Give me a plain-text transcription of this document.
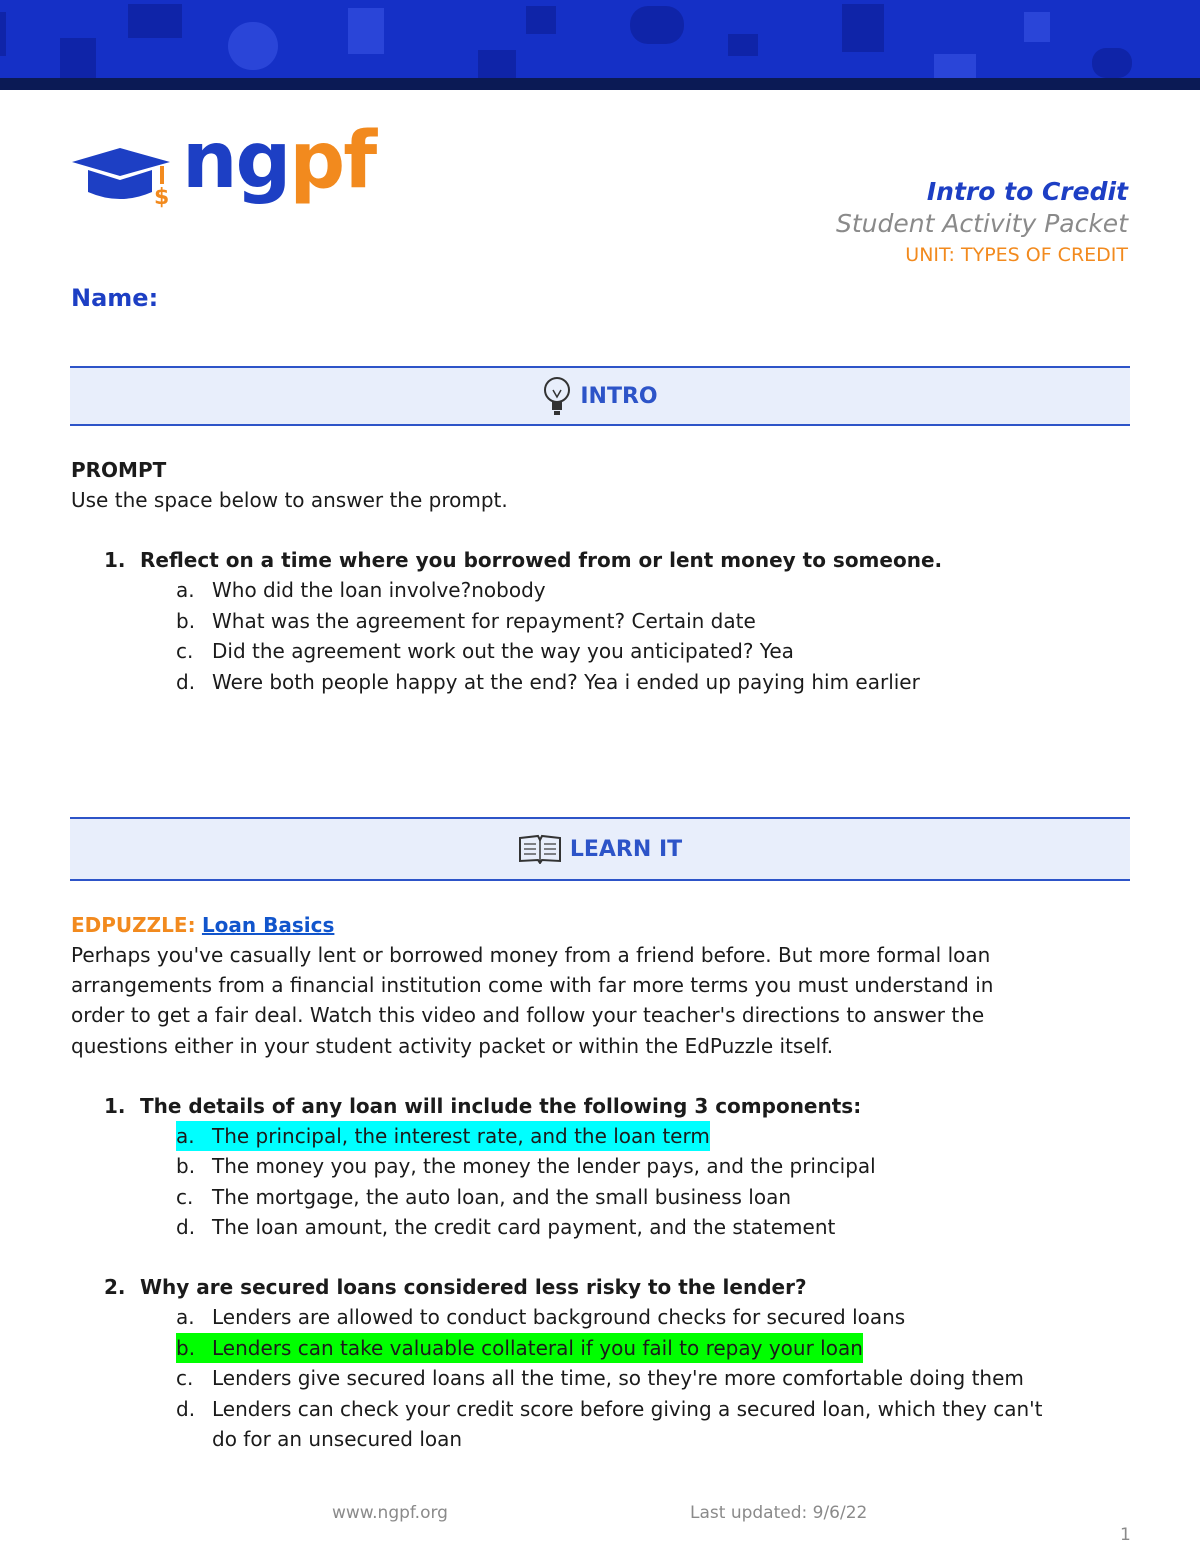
$ ngpf	Intro to Credit
Student Activity Packet
UNIT: TYPES OF CREDIT
Name:
INTRO
PROMPT
Use the space below to answer the prompt.
1. Reflect on a time where you borrowed from or lent money to someone.
a. Who did the loan involve?nobody
b. What was the agreement for repayment? Certain date
c. Did the agreement work out the way you anticipated? Yea
d. Were both people happy at the end? Yea i ended up paying him earlier
LEARN IT
EDPUZZLE: Loan Basics
Perhaps you've casually lent or borrowed money from a friend before. But more formal loan
arrangements from a financial institution come with far more terms you must understand in
order to get a fair deal. Watch this video and follow your teacher's directions to answer the
questions either in your student activity packet or within the EdPuzzle itself.
1. The details of any loan will include the following 3 components:
a. The principal, the interest rate, and the loan term
b. The money you pay, the money the lender pays, and the principal
c. The mortgage, the auto loan, and the small business loan
d. The loan amount, the credit card payment, and the statement
2. Why are secured loans considered less risky to the lender?
a. Lenders are allowed to conduct background checks for secured loans
b. Lenders can take valuable collateral if you fail to repay your loan
c. Lenders give secured loans all the time, so they're more comfortable doing them
d. Lenders can check your credit score before giving a secured loan, which they can't
do for an unsecured loan
www.ngpf.org	Last updated: 9/6/22
1
